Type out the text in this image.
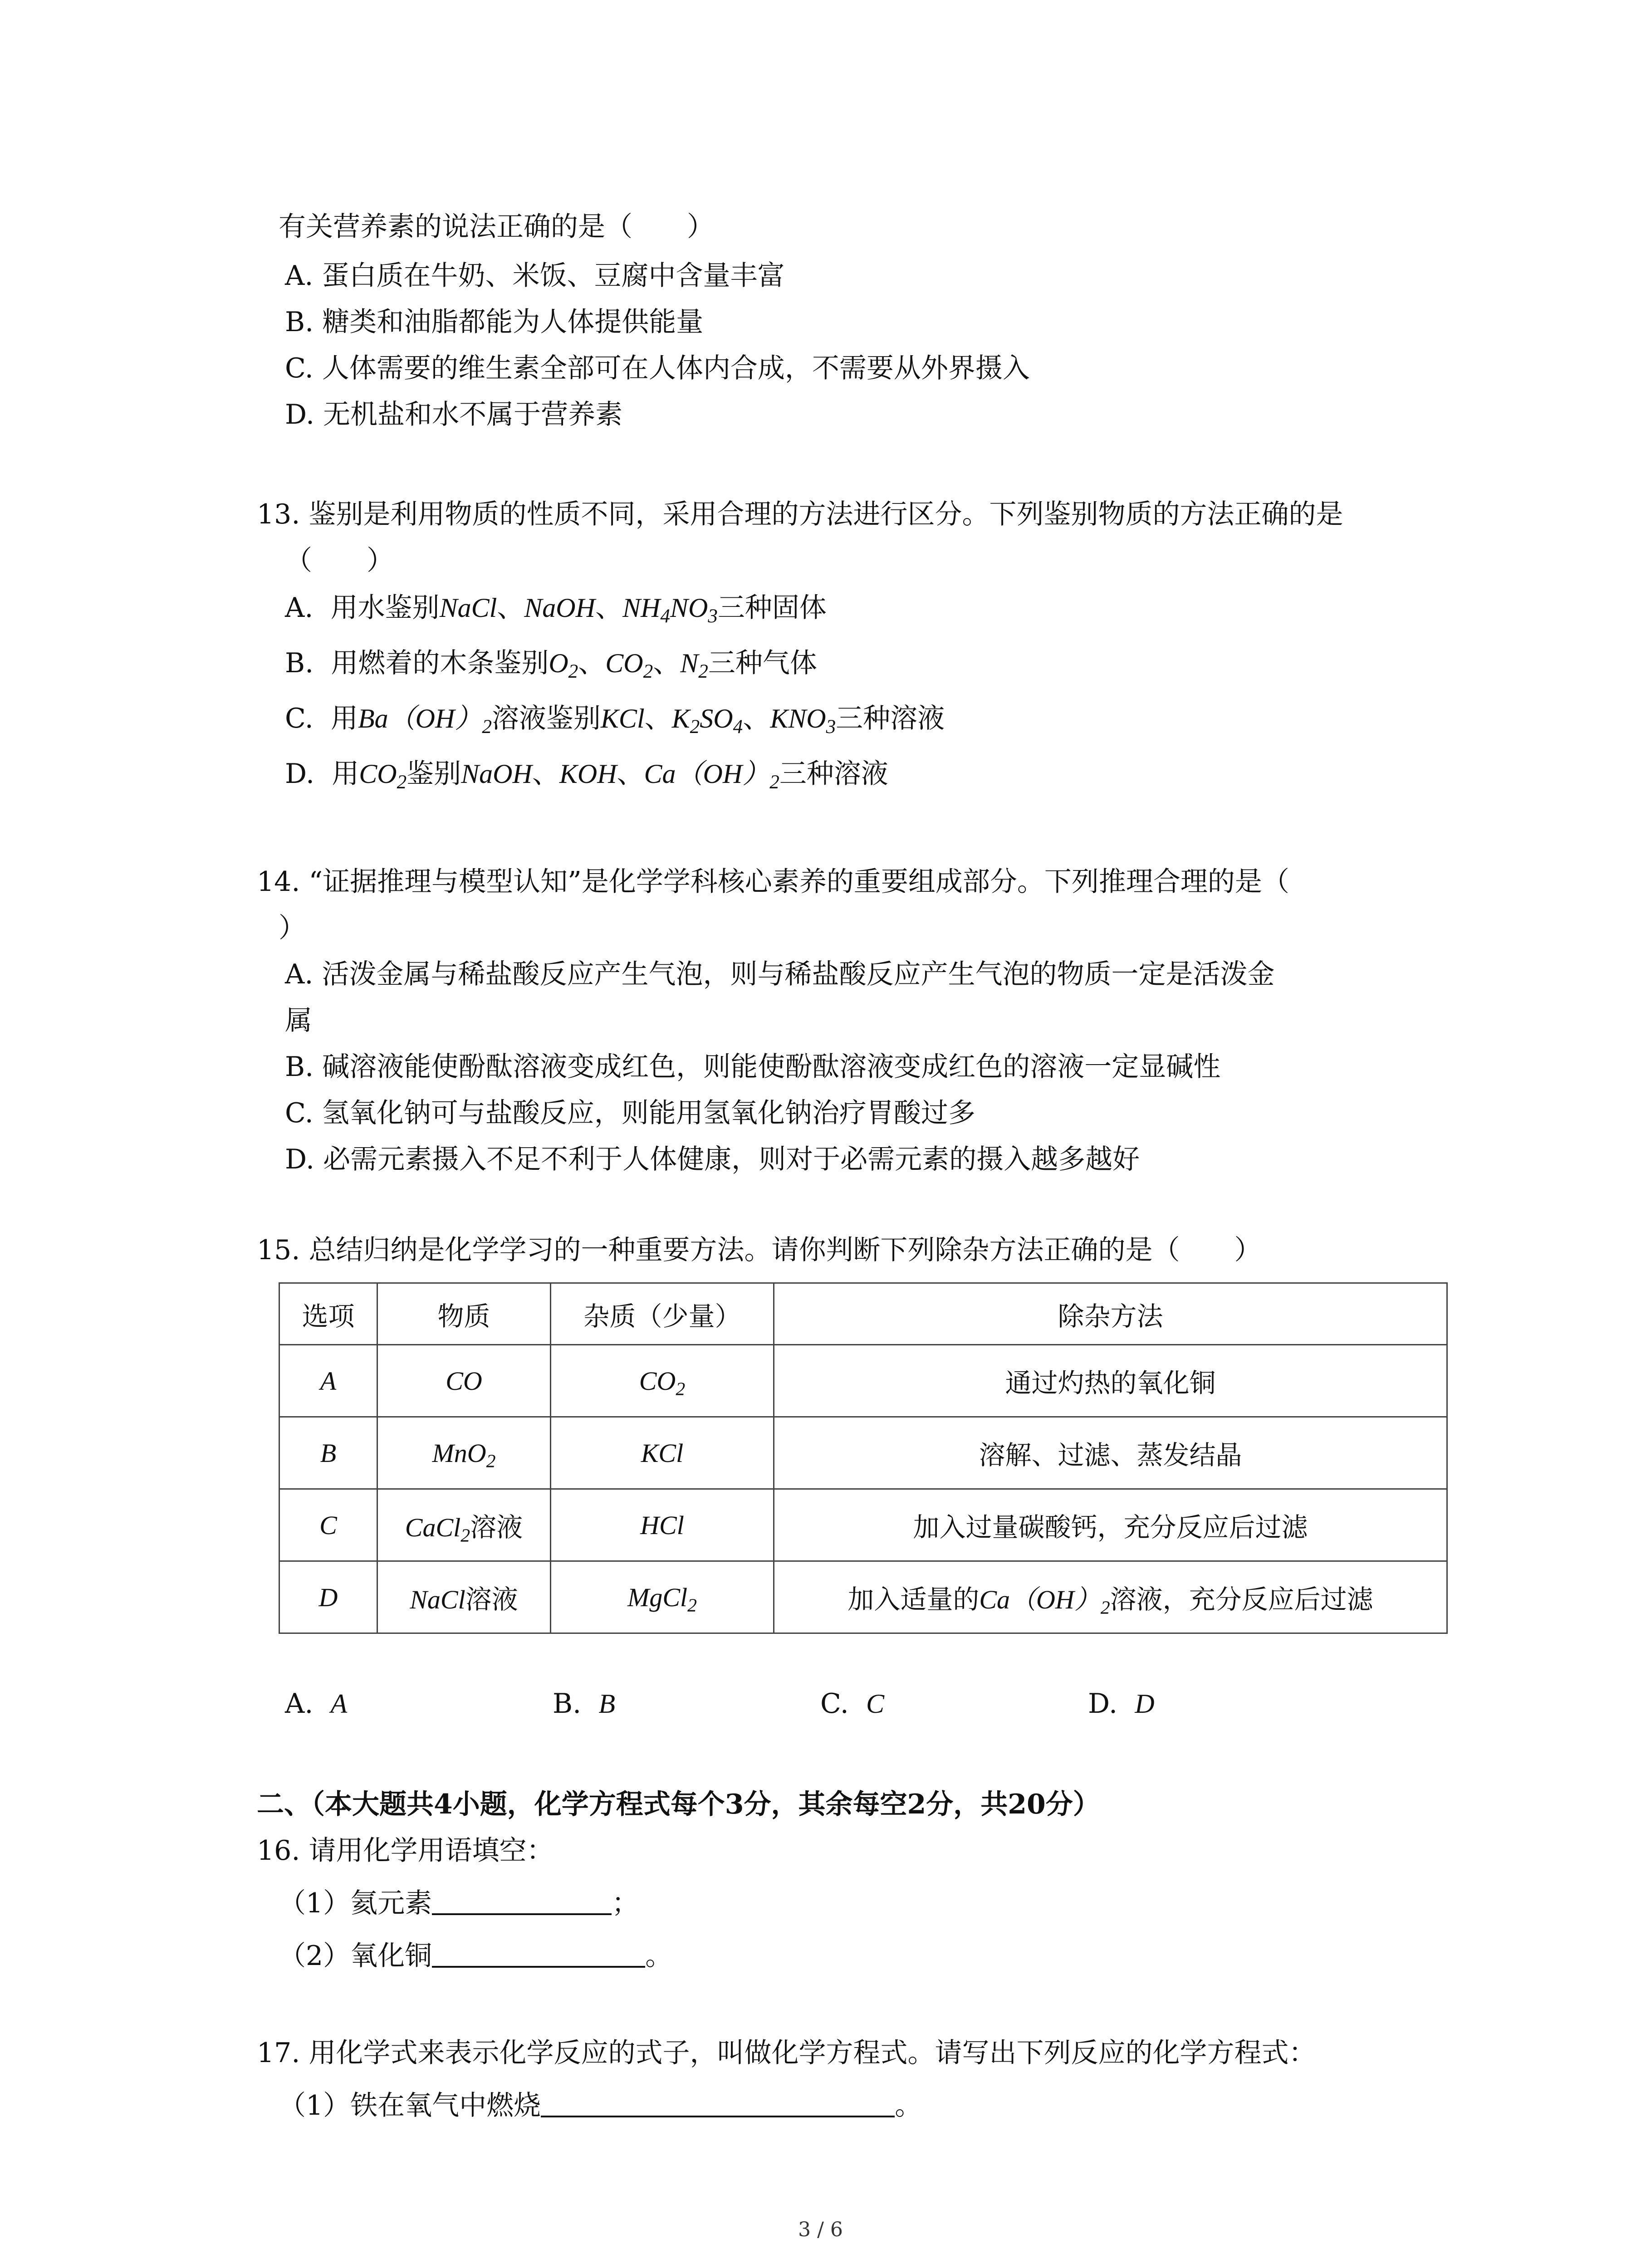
有关营养素的说法正确的是（　　）
A. 蛋白质在牛奶、米饭、豆腐中含量丰富
B. 糖类和油脂都能为人体提供能量
C. 人体需要的维生素全部可在人体内合成，不需要从外界摄入
D. 无机盐和水不属于营养素
13. 鉴别是利用物质的性质不同，采用合理的方法进行区分。下列鉴别物质的方法正确的是
（　　）
A. 用水鉴别NaCl、NaOH、$NH_4NO_3$三种固体
B. 用燃着的木条鉴别$O_2$、$CO_2$、$N_2$三种气体
C. 用$Ba(OH)_2$溶液鉴别KCl、$K_2SO_4$、$KNO_3$三种溶液
D. 用$CO_2$鉴别NaOH、KOH、$Ca(OH)_2$三种溶液
14. “证据推理与模型认知”是化学学科核心素养的重要组成部分。下列推理合理的是（
）
A. 活泼金属与稀盐酸反应产生气泡，则与稀盐酸反应产生气泡的物质一定是活泼金
属
B. 碱溶液能使酚酞溶液变成红色，则能使酚酞溶液变成红色的溶液一定显碱性
C. 氢氧化钠可与盐酸反应，则能用氢氧化钠治疗胃酸过多
D. 必需元素摄入不足不利于人体健康，则对于必需元素的摄入越多越好
15. 总结归纳是化学学习的一种重要方法。请你判断下列除杂方法正确的是（　　）
选项	物质	杂质（少量）	除杂方法
A	CO	$CO_2$	通过灼热的氧化铜
B	MnO$_2$	KCl	溶解、过滤、蒸发结晶
C	CaCl$_2$溶液	HCl	加入过量碳酸钙，充分反应后过滤
D	NaCl溶液	MgCl$_2$	加入适量的$Ca(OH)_2$溶液，充分反应后过滤
A. A	B. B	C. C	D. D
二、（本大题共4小题，化学方程式每个3分，其余每空2分，共20分）
16. 请用化学用语填空：
（1）氦元素	；
（2）氧化铜	。
17. 用化学式来表示化学反应的式子，叫做化学方程式。请写出下列反应的化学方程式：
（1）铁在氧气中燃烧	。
3 / 6
